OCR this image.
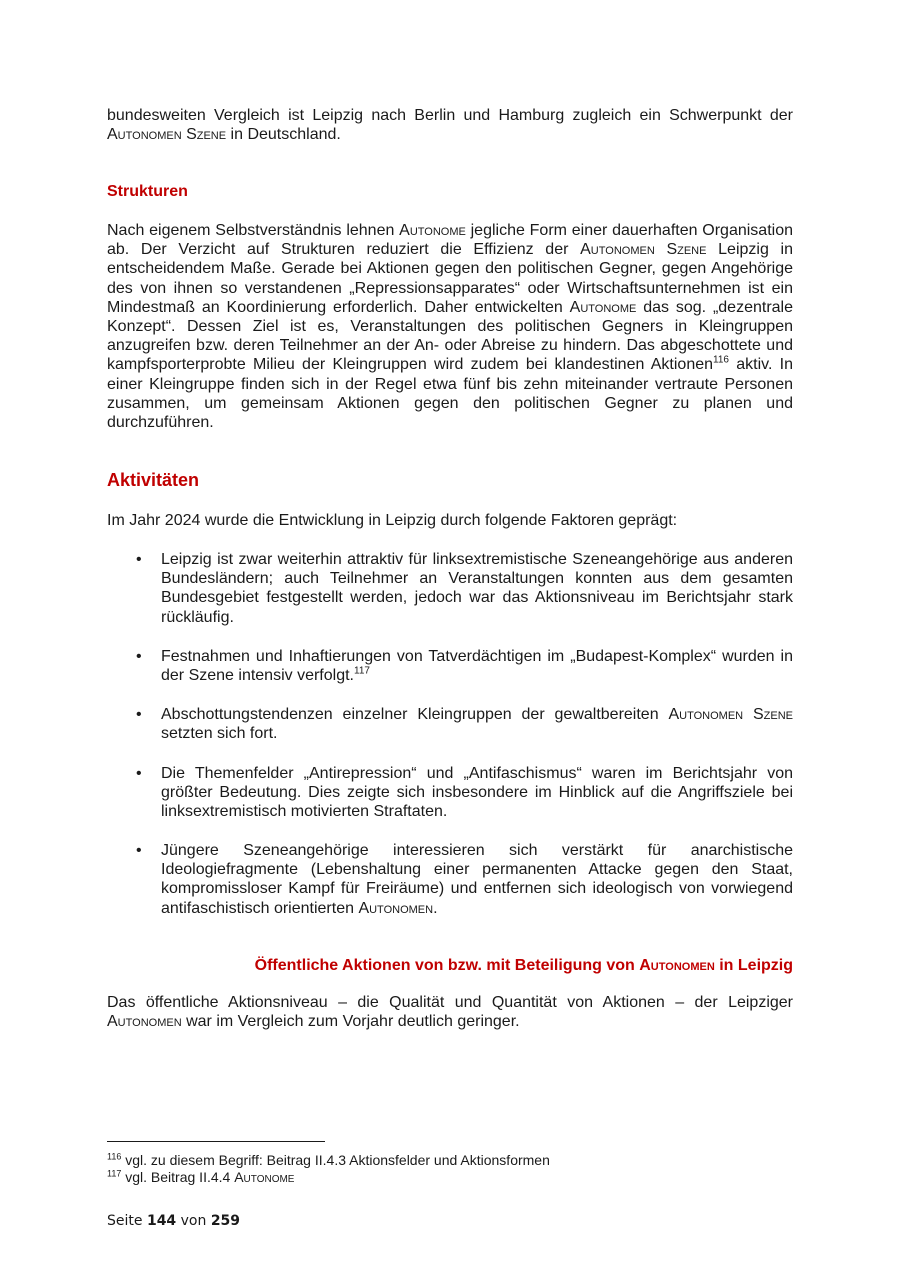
bundesweiten Vergleich ist Leipzig nach Berlin und Hamburg zugleich ein Schwerpunkt der Autonomen Szene in Deutschland.

Strukturen

Nach eigenem Selbstverständnis lehnen Autonome jegliche Form einer dauerhaften Organisation ab. Der Verzicht auf Strukturen reduziert die Effizienz der Autonomen Szene Leipzig in entscheidendem Maße. Gerade bei Aktionen gegen den politischen Gegner, gegen Angehörige des von ihnen so verstandenen „Repressionsapparates“ oder Wirtschaftsunternehmen ist ein Mindestmaß an Koordinierung erforderlich. Daher entwickelten Autonome das sog. „dezentrale Konzept“. Dessen Ziel ist es, Veranstaltungen des politischen Gegners in Kleingruppen anzugreifen bzw. deren Teilnehmer an der An- oder Abreise zu hindern. Das abgeschottete und kampfsporterprobte Milieu der Kleingruppen wird zudem bei klandestinen Aktionen$^{116}$ aktiv. In einer Kleingruppe finden sich in der Regel etwa fünf bis zehn miteinander vertraute Personen zusammen, um gemeinsam Aktionen gegen den politischen Gegner zu planen und durchzuführen.

Aktivitäten

Im Jahr 2024 wurde die Entwicklung in Leipzig durch folgende Faktoren geprägt:

• Leipzig ist zwar weiterhin attraktiv für linksextremistische Szeneangehörige aus anderen Bundesländern; auch Teilnehmer an Veranstaltungen konnten aus dem gesamten Bundesgebiet festgestellt werden, jedoch war das Aktionsniveau im Berichtsjahr stark rückläufig.
• Festnahmen und Inhaftierungen von Tatverdächtigen im „Budapest-Komplex“ wurden in der Szene intensiv verfolgt.$^{117}$
• Abschottungstendenzen einzelner Kleingruppen der gewaltbereiten Autonomen Szene setzten sich fort.
• Die Themenfelder „Antirepression“ und „Antifaschismus“ waren im Berichtsjahr von größter Bedeutung. Dies zeigte sich insbesondere im Hinblick auf die Angriffsziele bei linksextremistisch motivierten Straftaten.
• Jüngere Szeneangehörige interessieren sich verstärkt für anarchistische Ideologiefragmente (Lebenshaltung einer permanenten Attacke gegen den Staat, kompromissloser Kampf für Freiräume) und entfernen sich ideologisch von vorwiegend antifaschistisch orientierten Autonomen.
Öffentliche Aktionen von bzw. mit Beteiligung von Autonomen in Leipzig

Das öffentliche Aktionsniveau – die Qualität und Quantität von Aktionen – der Leipziger Autonomen war im Vergleich zum Vorjahr deutlich geringer.

$^{116}$ vgl. zu diesem Begriff: Beitrag II.4.3 Aktionsfelder und Aktionsformen
$^{117}$ vgl. Beitrag II.4.4 Autonome
Seite 144 von 259
